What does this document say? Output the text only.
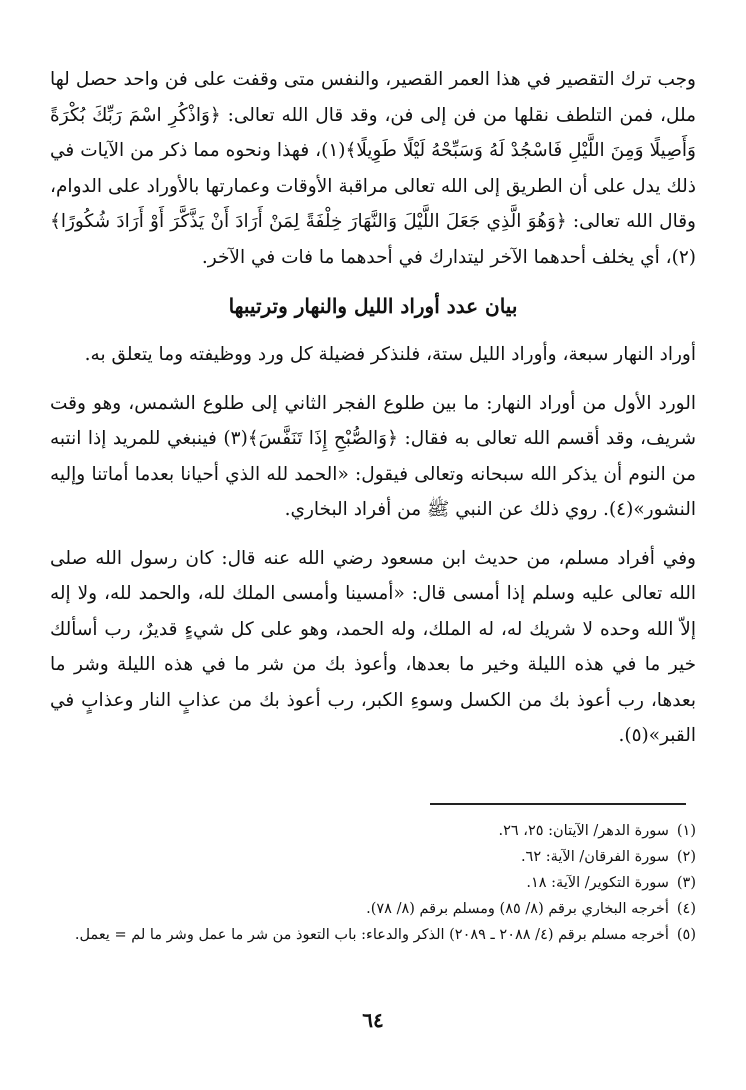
وجب ترك التقصير في هذا العمر القصير، والنفس متى وقفت على فن واحد حصل لها ملل، فمن التلطف نقلها من فن إلى فن، وقد قال الله تعالى: ﴿وَاذْكُرِ اسْمَ رَبِّكَ بُكْرَةً وَأَصِيلًا وَمِنَ اللَّيْلِ فَاسْجُدْ لَهُ وَسَبِّحْهُ لَيْلًا طَوِيلًا﴾(١)، فهذا ونحوه مما ذكر من الآيات في ذلك يدل على أن الطريق إلى الله تعالى مراقبة الأوقات وعمارتها بالأوراد على الدوام، وقال الله تعالى: ﴿وَهُوَ الَّذِي جَعَلَ اللَّيْلَ وَالنَّهَارَ خِلْفَةً لِمَنْ أَرَادَ أَنْ يَذَّكَّرَ أَوْ أَرَادَ شُكُورًا﴾(٢)، أي يخلف أحدهما الآخر ليتدارك في أحدهما ما فات في الآخر.

بيان عدد أوراد الليل والنهار وترتيبها

أوراد النهار سبعة، وأوراد الليل ستة، فلنذكر فضيلة كل ورد ووظيفته وما يتعلق به.

الورد الأول من أوراد النهار: ما بين طلوع الفجر الثاني إلى طلوع الشمس، وهو وقت شريف، وقد أقسم الله تعالى به فقال: ﴿وَالصُّبْحِ إِذَا تَنَفَّسَ﴾(٣) فينبغي للمريد إذا انتبه من النوم أن يذكر الله سبحانه وتعالى فيقول: «الحمد لله الذي أحيانا بعدما أماتنا وإليه النشور»(٤). روي ذلك عن النبي ﷺ من أفراد البخاري.

وفي أفراد مسلم، من حديث ابن مسعود رضي الله عنه قال: كان رسول الله صلى الله تعالى عليه وسلم إذا أمسى قال: «أمسينا وأمسى الملك لله، والحمد لله، ولا إله إلاّ الله وحده لا شريك له، له الملك، وله الحمد، وهو على كل شيءٍ قديرٌ، رب أسألك خير ما في هذه الليلة وخير ما بعدها، وأعوذ بك من شر ما في هذه الليلة وشر ما بعدها، رب أعوذ بك من الكسل وسوءِ الكبر، رب أعوذ بك من عذابٍ النار وعذابٍ في القبر»(٥).

(١)سورة الدهر/ الآيتان: ٢٥، ٢٦.
(٢)سورة الفرقان/ الآية: ٦٢.
(٣)سورة التكوير/ الآية: ١٨.
(٤)أخرجه البخاري برقم (٨/ ٨٥) ومسلم برقم (٨/ ٧٨).
(٥)أخرجه مسلم برقم (٤/ ٢٠٨٨ ـ ٢٠٨٩) الذكر والدعاء: باب التعوذ من شر ما عمل وشر ما لم = يعمل.
٦٤
